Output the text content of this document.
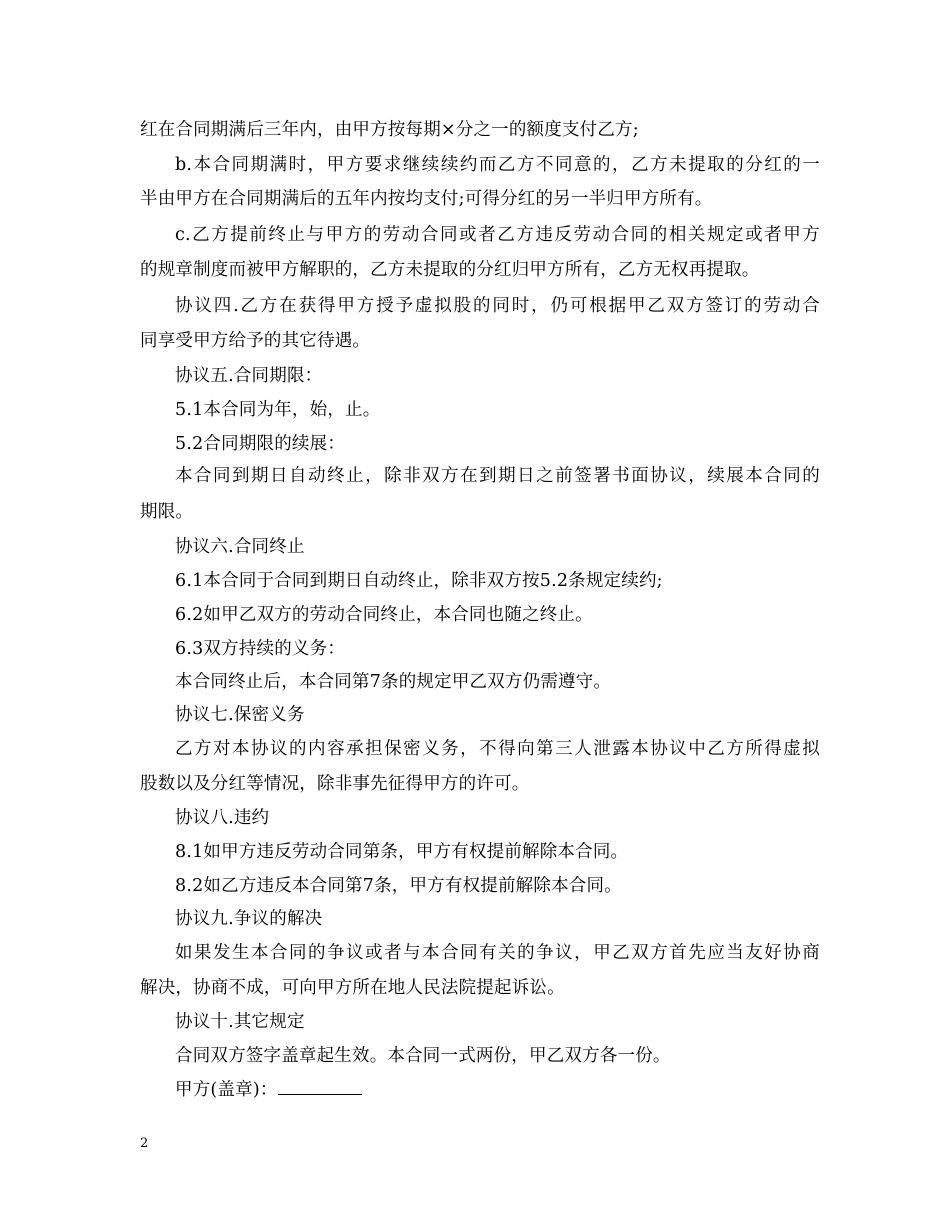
红在合同期满后三年内，由甲方按每期×分之一的额度支付乙方;
b.本合同期满时，甲方要求继续续约而乙方不同意的，乙方未提取的分红的一
半由甲方在合同期满后的五年内按均支付;可得分红的另一半归甲方所有。
c.乙方提前终止与甲方的劳动合同或者乙方违反劳动合同的相关规定或者甲方
的规章制度而被甲方解职的，乙方未提取的分红归甲方所有，乙方无权再提取。
协议四.乙方在获得甲方授予虚拟股的同时，仍可根据甲乙双方签订的劳动合
同享受甲方给予的其它待遇。
协议五.合同期限：
5.1本合同为年，始，止。
5.2合同期限的续展：
本合同到期日自动终止，除非双方在到期日之前签署书面协议，续展本合同的
期限。
协议六.合同终止
6.1本合同于合同到期日自动终止，除非双方按5.2条规定续约;
6.2如甲乙双方的劳动合同终止，本合同也随之终止。
6.3双方持续的义务：
本合同终止后，本合同第7条的规定甲乙双方仍需遵守。
协议七.保密义务
乙方对本协议的内容承担保密义务，不得向第三人泄露本协议中乙方所得虚拟
股数以及分红等情况，除非事先征得甲方的许可。
协议八.违约
8.1如甲方违反劳动合同第条，甲方有权提前解除本合同。
8.2如乙方违反本合同第7条，甲方有权提前解除本合同。
协议九.争议的解决
如果发生本合同的争议或者与本合同有关的争议，甲乙双方首先应当友好协商
解决，协商不成，可向甲方所在地人民法院提起诉讼。
协议十.其它规定
合同双方签字盖章起生效。本合同一式两份，甲乙双方各一份。
甲方(盖章)：
2
